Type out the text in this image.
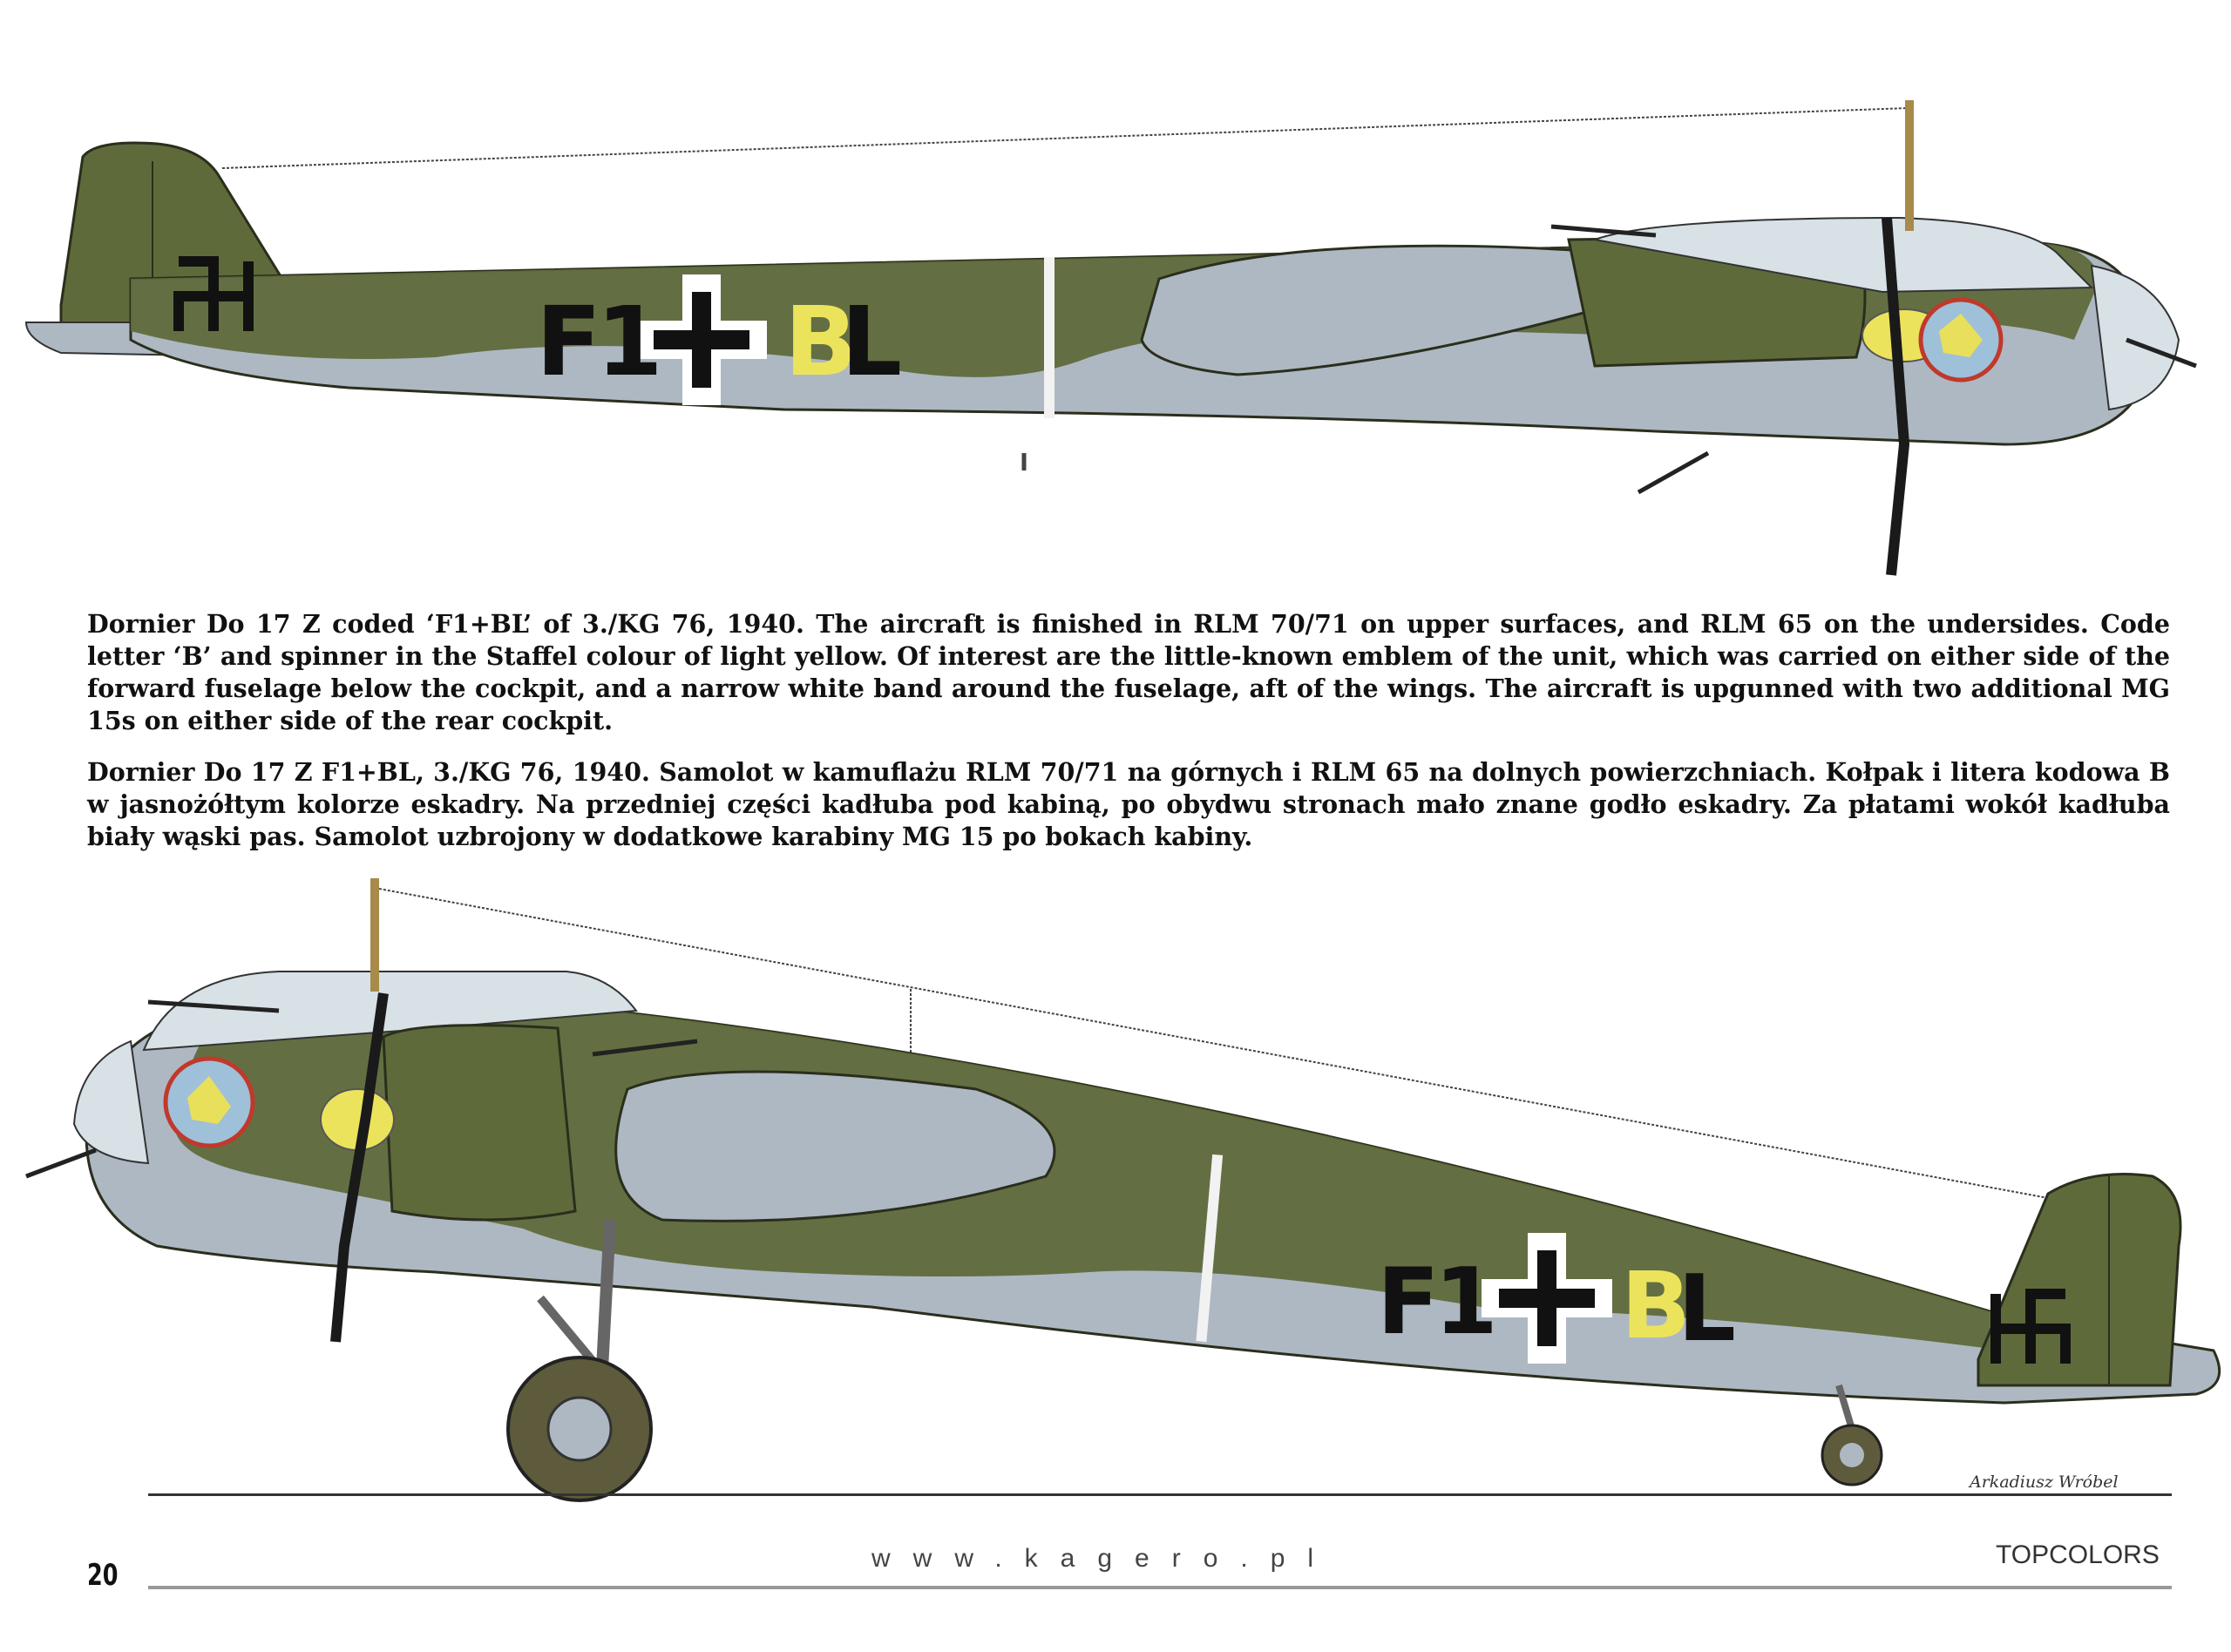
F1 B
L
F1 B
L

Dornier Do 17 Z coded ‘F1+BL’ of 3./KG 76, 1940. The aircraft is finished in RLM 70/71 on upper surfaces, and RLM 65 on the undersides. Code letter ‘B’ and spinner in the Staffel colour of light yellow. Of interest are the little-known emblem of the unit, which was carried on either side of the forward fuselage below the cockpit, and a narrow white band around the fuselage, aft of the wings. The aircraft is upgunned with two additional MG 15s on either side of the rear cockpit.

Dornier Do 17 Z F1+BL, 3./KG 76, 1940. Samolot w kamuflażu RLM 70/71 na górnych i RLM 65 na dolnych powierzchniach. Kołpak i litera kodowa B w jasnożółtym kolorze eskadry. Na przedniej części kadłuba pod kabiną, po obydwu stronach mało znane godło eskadry. Za płatami wokół kadłuba biały wąski pas. Samolot uzbrojony w dodatkowe karabiny MG 15 po bokach kabiny.

Arkadiusz Wróbel
20	www.kagero.pl	TOPCOLORS
